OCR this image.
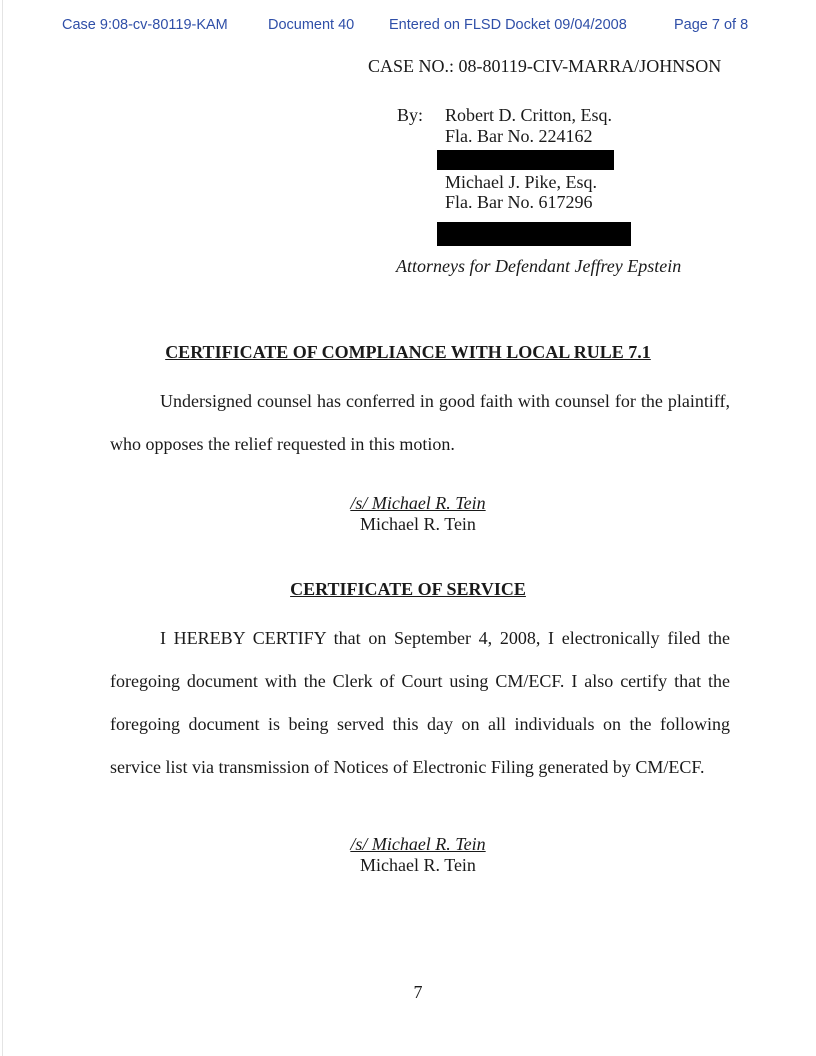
Case 9:08-cv-80119-KAM	Document 40 Entered on FLSD Docket 09/04/2008	Page 7 of 8
CASE NO.: 08-80119-CIV-MARRA/JOHNSON
By: Robert D. Critton, Esq.
Fla. Bar No. 224162
Michael J. Pike, Esq.
Fla. Bar No. 617296
Attorneys for Defendant Jeffrey Epstein
CERTIFICATE OF COMPLIANCE WITH LOCAL RULE 7.1

Undersigned counsel has conferred in good faith with counsel for the plaintiff, who opposes the relief requested in this motion.

/s/ Michael R. Tein
Michael R. Tein
CERTIFICATE OF SERVICE

I HEREBY CERTIFY that on September 4, 2008, I electronically filed the foregoing document with the Clerk of Court using CM/ECF. I also certify that the foregoing document is being served this day on all individuals on the following service list via transmission of Notices of Electronic Filing generated by CM/ECF.

/s/ Michael R. Tein
Michael R. Tein
7
